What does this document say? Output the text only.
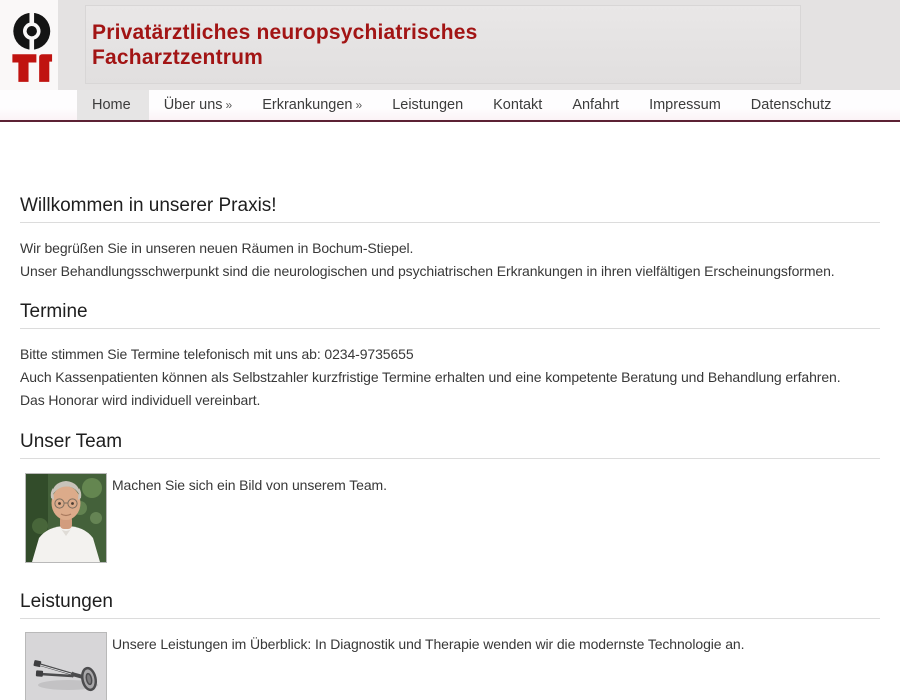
Privatärztliches neuropsychiatrisches
Facharztzentrum
Home	Über uns »	Erkrankungen »	Leistungen	Kontakt	Anfahrt	Impressum	Datenschutz
Willkommen in unserer Praxis!
Wir begrüßen Sie in unseren neuen Räumen in Bochum-Stiepel.
Unser Behandlungsschwerpunkt sind die neurologischen und psychiatrischen Erkrankungen in ihren vielfältigen Erscheinungsformen.
Termine
Bitte stimmen Sie Termine telefonisch mit uns ab: 0234-9735655
Auch Kassenpatienten können als Selbstzahler kurzfristige Termine erhalten und eine kompetente Beratung und Behandlung erfahren.
Das Honorar wird individuell vereinbart.
Unser Team
Machen Sie sich ein Bild von unserem Team.
Leistungen
Unsere Leistungen im Überblick: In Diagnostik und Therapie wenden wir die modernste Technologie an.
